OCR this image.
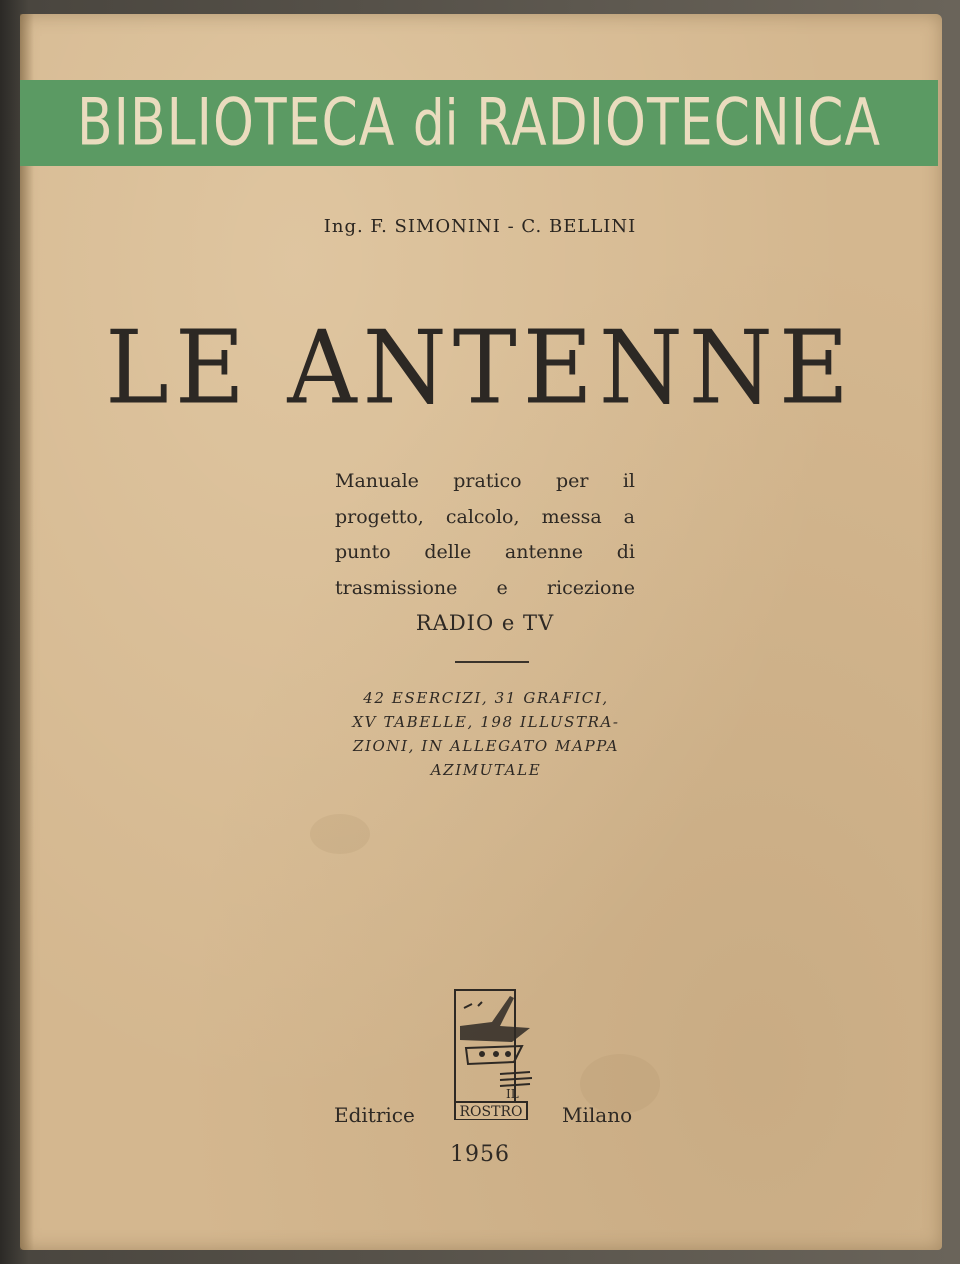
BIBLIOTECA di RADIOTECNICA
Ing. F. SIMONINI - C. BELLINI
LE ANTENNE
Manuale pratico per il
progetto, calcolo, messa a
punto delle antenne di
trasmissione e ricezione
RADIO e TV
42 ESERCIZI, 31 GRAFICI,
XV TABELLE, 198 ILLUSTRA-
ZIONI, IN ALLEGATO MAPPA
AZIMUTALE
IL
ROSTRO
Editrice	Milano
1956
